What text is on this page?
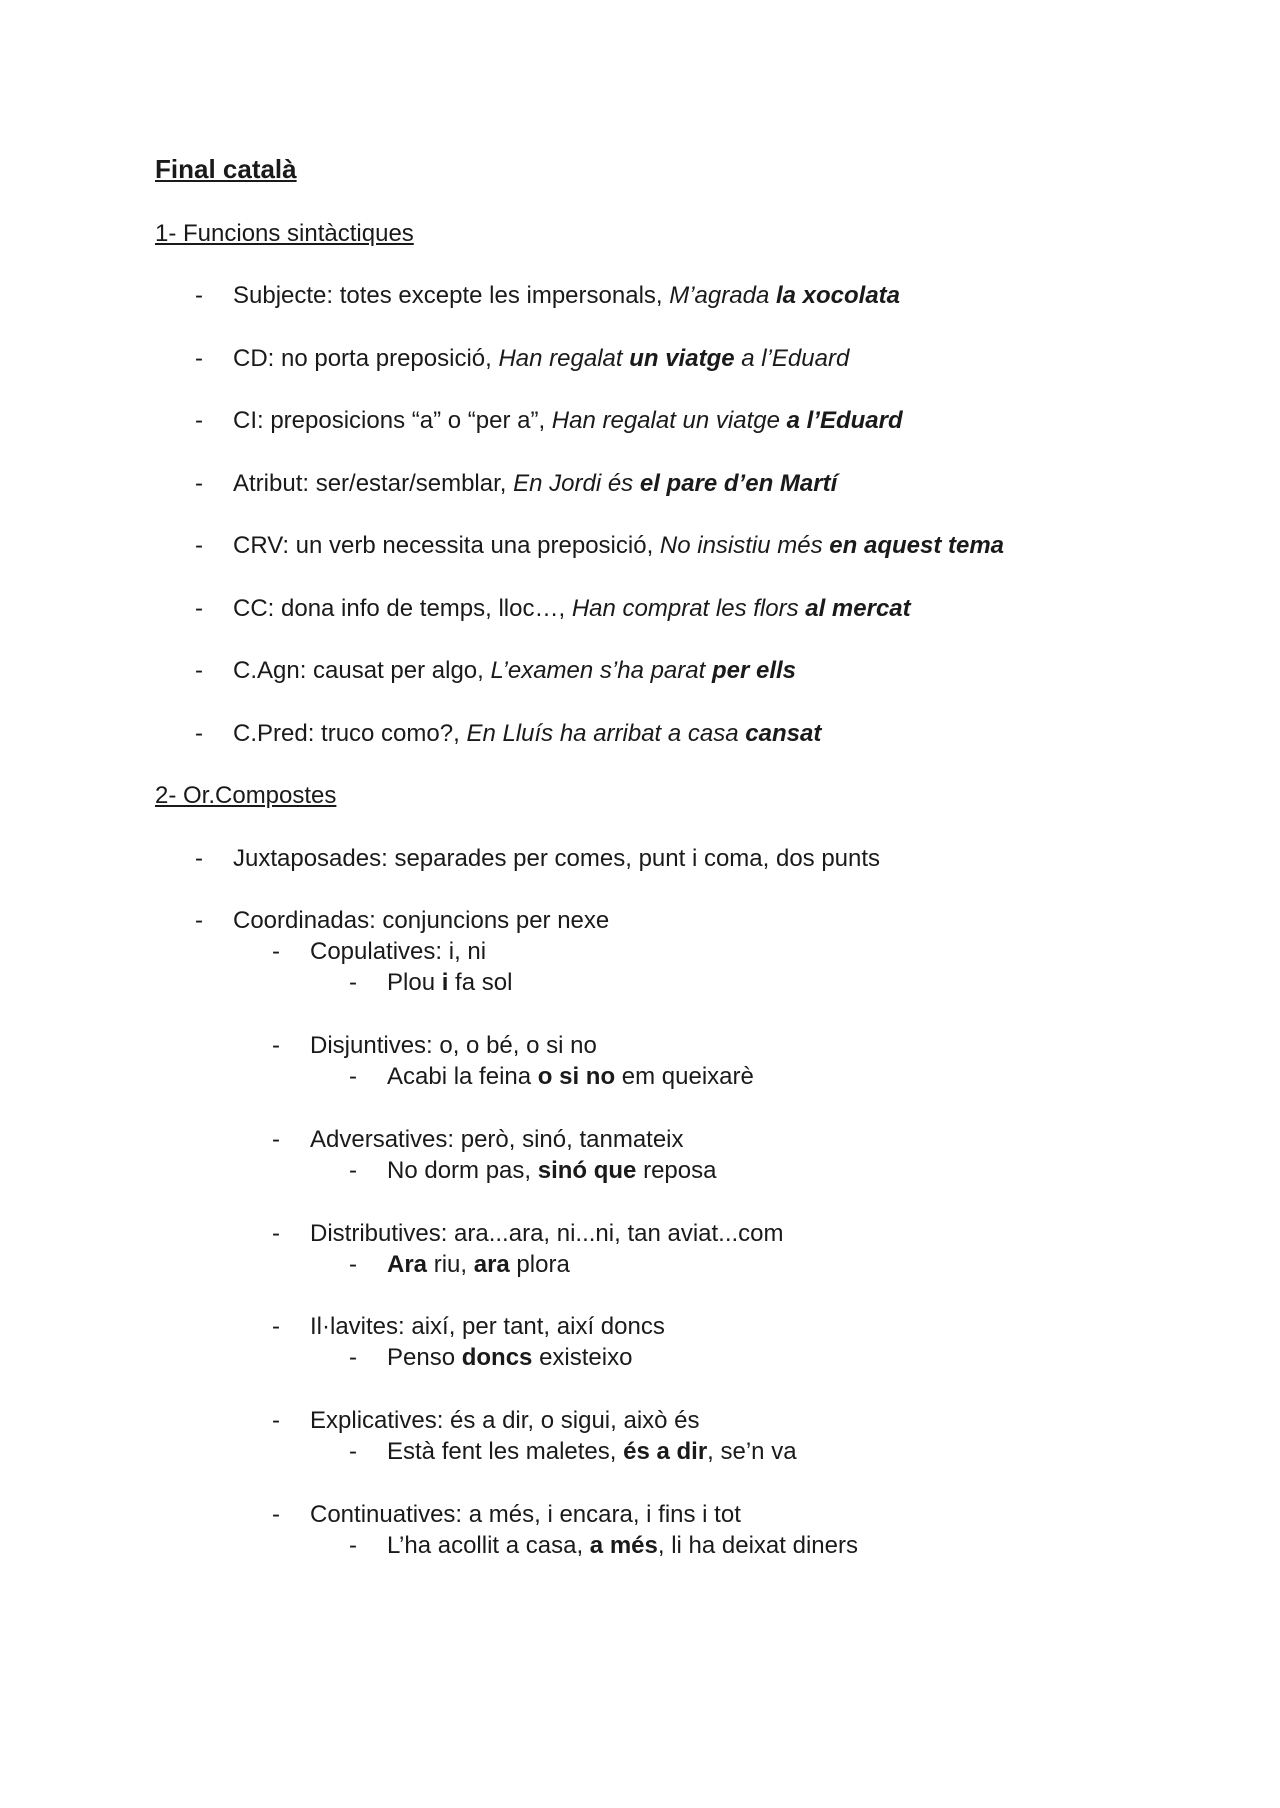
Final català
1- Funcions sintàctiques
- Subjecte: totes excepte les impersonals, M’agrada la xocolata
- CD: no porta preposició, Han regalat un viatge a l’Eduard
- CI: preposicions “a” o “per a”, Han regalat un viatge a l’Eduard
- Atribut: ser/estar/semblar, En Jordi és el pare d’en Martí
- CRV: un verb necessita una preposició, No insistiu més en aquest tema
- CC: dona info de temps, lloc…, Han comprat les flors al mercat
- C.Agn: causat per algo, L’examen s’ha parat per ells
- C.Pred: truco como?, En Lluís ha arribat a casa cansat
2- Or.Compostes
- Juxtaposades: separades per comes, punt i coma, dos punts
- Coordinadas: conjuncions per nexe
- Copulatives: i, ni
- Plou i fa sol
- Disjuntives: o, o bé, o si no
- Acabi la feina o si no em queixarè
- Adversatives: però, sinó, tanmateix
- No dorm pas, sinó que reposa
- Distributives: ara...ara, ni...ni, tan aviat...com
- Ara riu, ara plora
- Il·lavites: així, per tant, així doncs
- Penso doncs existeixo
- Explicatives: és a dir, o sigui, això és
- Està fent les maletes, és a dir, se’n va
- Continuatives: a més, i encara, i fins i tot
- L’ha acollit a casa, a més, li ha deixat diners
